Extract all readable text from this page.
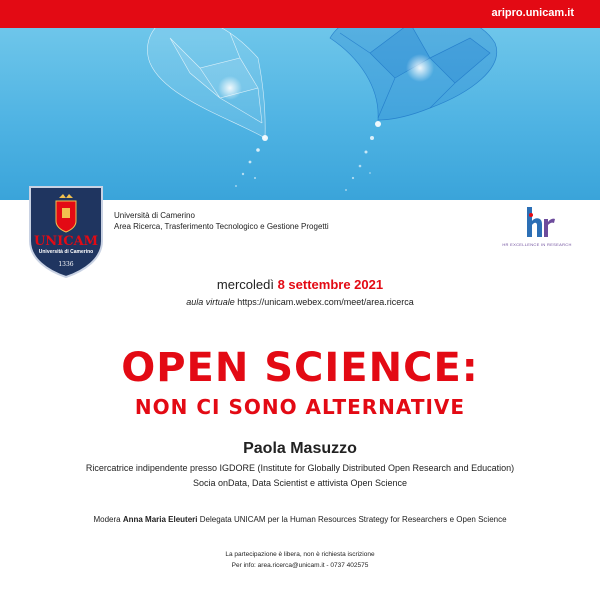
aripro.unicam.it
UNICAM
Università di Camerino
1336
Università di Camerino
Area Ricerca, Trasferimento Tecnologico e Gestione Progetti
HR EXCELLENCE IN RESEARCH
mercoledì 8 settembre 2021
aula virtuale https://unicam.webex.com/meet/area.ricerca
OPEN SCIENCE:
NON CI SONO ALTERNATIVE
Paola Masuzzo
Ricercatrice indipendente presso IGDORE (Institute for Globally Distributed Open Research and Education)
Socia onData, Data Scientist e attivista Open Science
Modera Anna Maria Eleuteri Delegata UNICAM per la Human Resources Strategy for Researchers e Open Science
La partecipazione è libera, non è richiesta iscrizione
Per info: area.ricerca@unicam.it - 0737 402575
